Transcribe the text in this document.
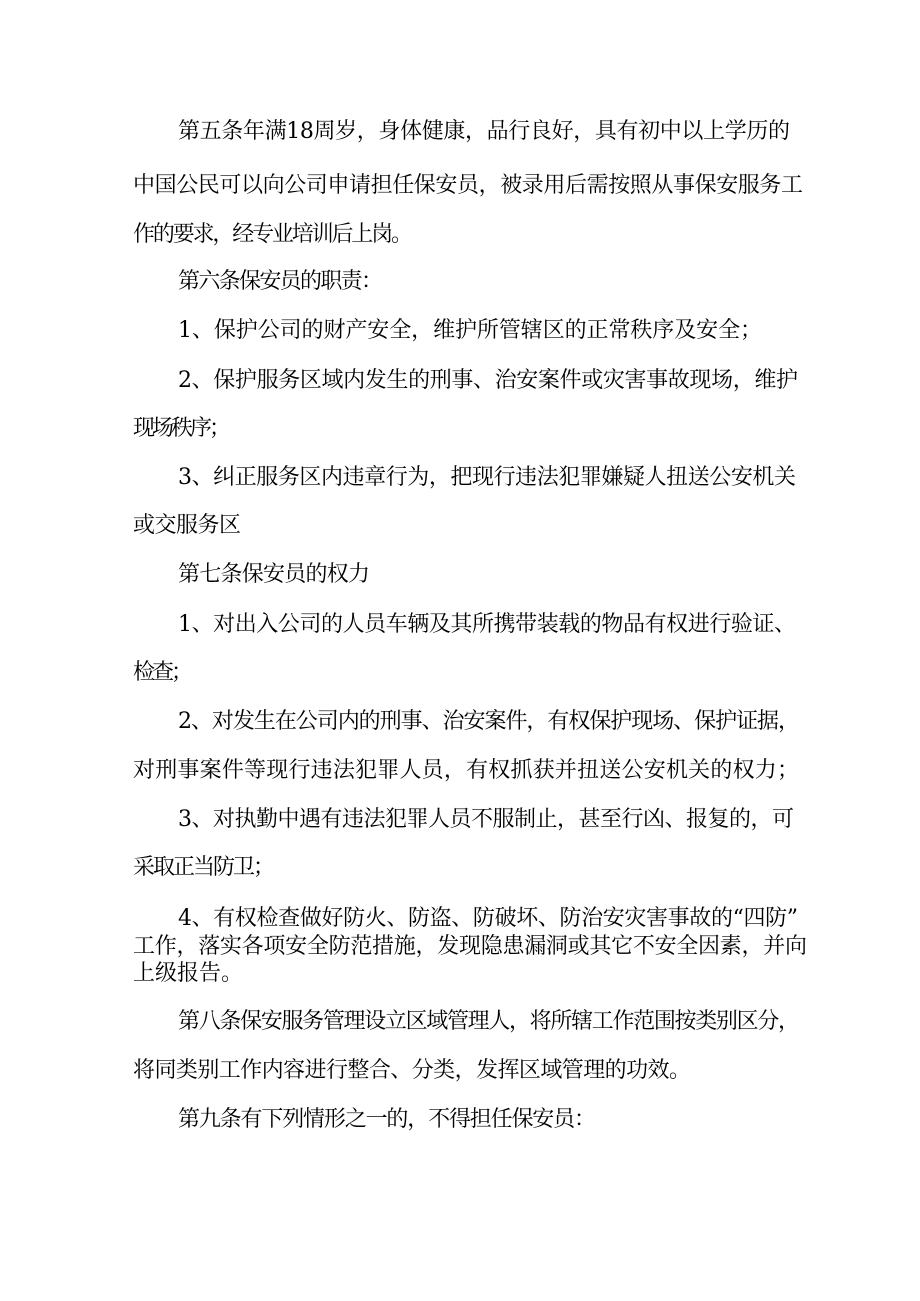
第五条年满18周岁，身体健康，品行良好，具有初中以上学历的
中国公民可以向公司申请担任保安员，被录用后需按照从事保安服务工
作的要求，经专业培训后上岗。
第六条保安员的职责：
1、保护公司的财产安全，维护所管辖区的正常秩序及安全；
2、保护服务区域内发生的刑事、治安案件或灾害事故现场，维护
现场秩序；
3、纠正服务区内违章行为，把现行违法犯罪嫌疑人扭送公安机关
或交服务区
第七条保安员的权力
1、对出入公司的人员车辆及其所携带装载的物品有权进行验证、
检查；
2、对发生在公司内的刑事、治安案件，有权保护现场、保护证据，
对刑事案件等现行违法犯罪人员，有权抓获并扭送公安机关的权力；
3、对执勤中遇有违法犯罪人员不服制止，甚至行凶、报复的，可
采取正当防卫；
4、有权检查做好防火、防盗、防破坏、防治安灾害事故的“四防”
工作，落实各项安全防范措施，发现隐患漏洞或其它不安全因素，并向
上级报告。
第八条保安服务管理设立区域管理人，将所辖工作范围按类别区分，
将同类别工作内容进行整合、分类，发挥区域管理的功效。
第九条有下列情形之一的，不得担任保安员：
